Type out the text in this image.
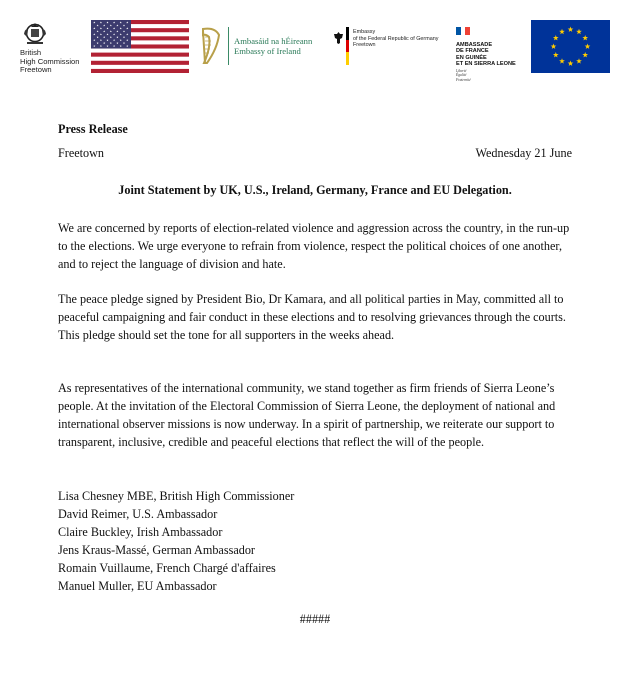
British
High Commission
Freetown
Ambasáid na hÉireann
Embassy of Ireland
Embassy
of the Federal Republic of Germany
Freetown	AMBASSADE
DE FRANCE
EN GUINÉE
ET EN SIERRA LEONE
Liberté
Égalité
Fraternité
Press Release
Freetown	Wednesday 21 June
Joint Statement by UK, U.S., Ireland, Germany, France and EU Delegation.

We are concerned by reports of election-related violence and aggression across the country, in the run-up to the elections. We urge everyone to refrain from violence, respect the political choices of one another, and to reject the language of division and hate.

The peace pledge signed by President Bio, Dr Kamara, and all political parties in May, committed all to peaceful campaigning and fair conduct in these elections and to resolving grievances through the courts. This pledge should set the tone for all supporters in the weeks ahead.

As representatives of the international community, we stand together as firm friends of Sierra Leone’s people. At the invitation of the Electoral Commission of Sierra Leone, the deployment of national and international observer missions is now underway. In a spirit of partnership, we reiterate our support to transparent, inclusive, credible and peaceful elections that reflect the will of the people.

Lisa Chesney MBE, British High Commissioner
David Reimer, U.S. Ambassador
Claire Buckley, Irish Ambassador
Jens Kraus-Massé, German Ambassador
Romain Vuillaume, French Chargé d'affaires
Manuel Muller, EU Ambassador
#####
